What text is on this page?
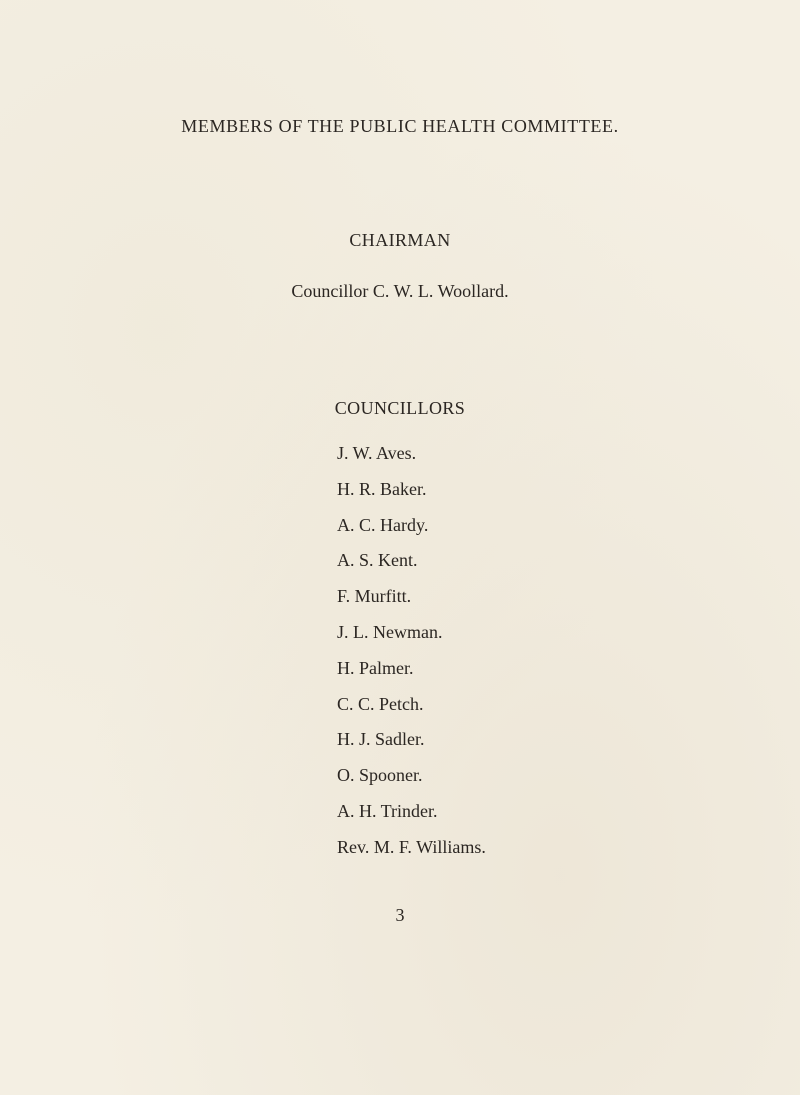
MEMBERS OF THE PUBLIC HEALTH COMMITTEE.
CHAIRMAN
Councillor C. W. L. Woollard.
COUNCILLORS
J. W. Aves.
H. R. Baker.
A. C. Hardy.
A. S. Kent.
F. Murfitt.
J. L. Newman.
H. Palmer.
C. C. Petch.
H. J. Sadler.
O. Spooner.
A. H. Trinder.
Rev. M. F. Williams.
3
